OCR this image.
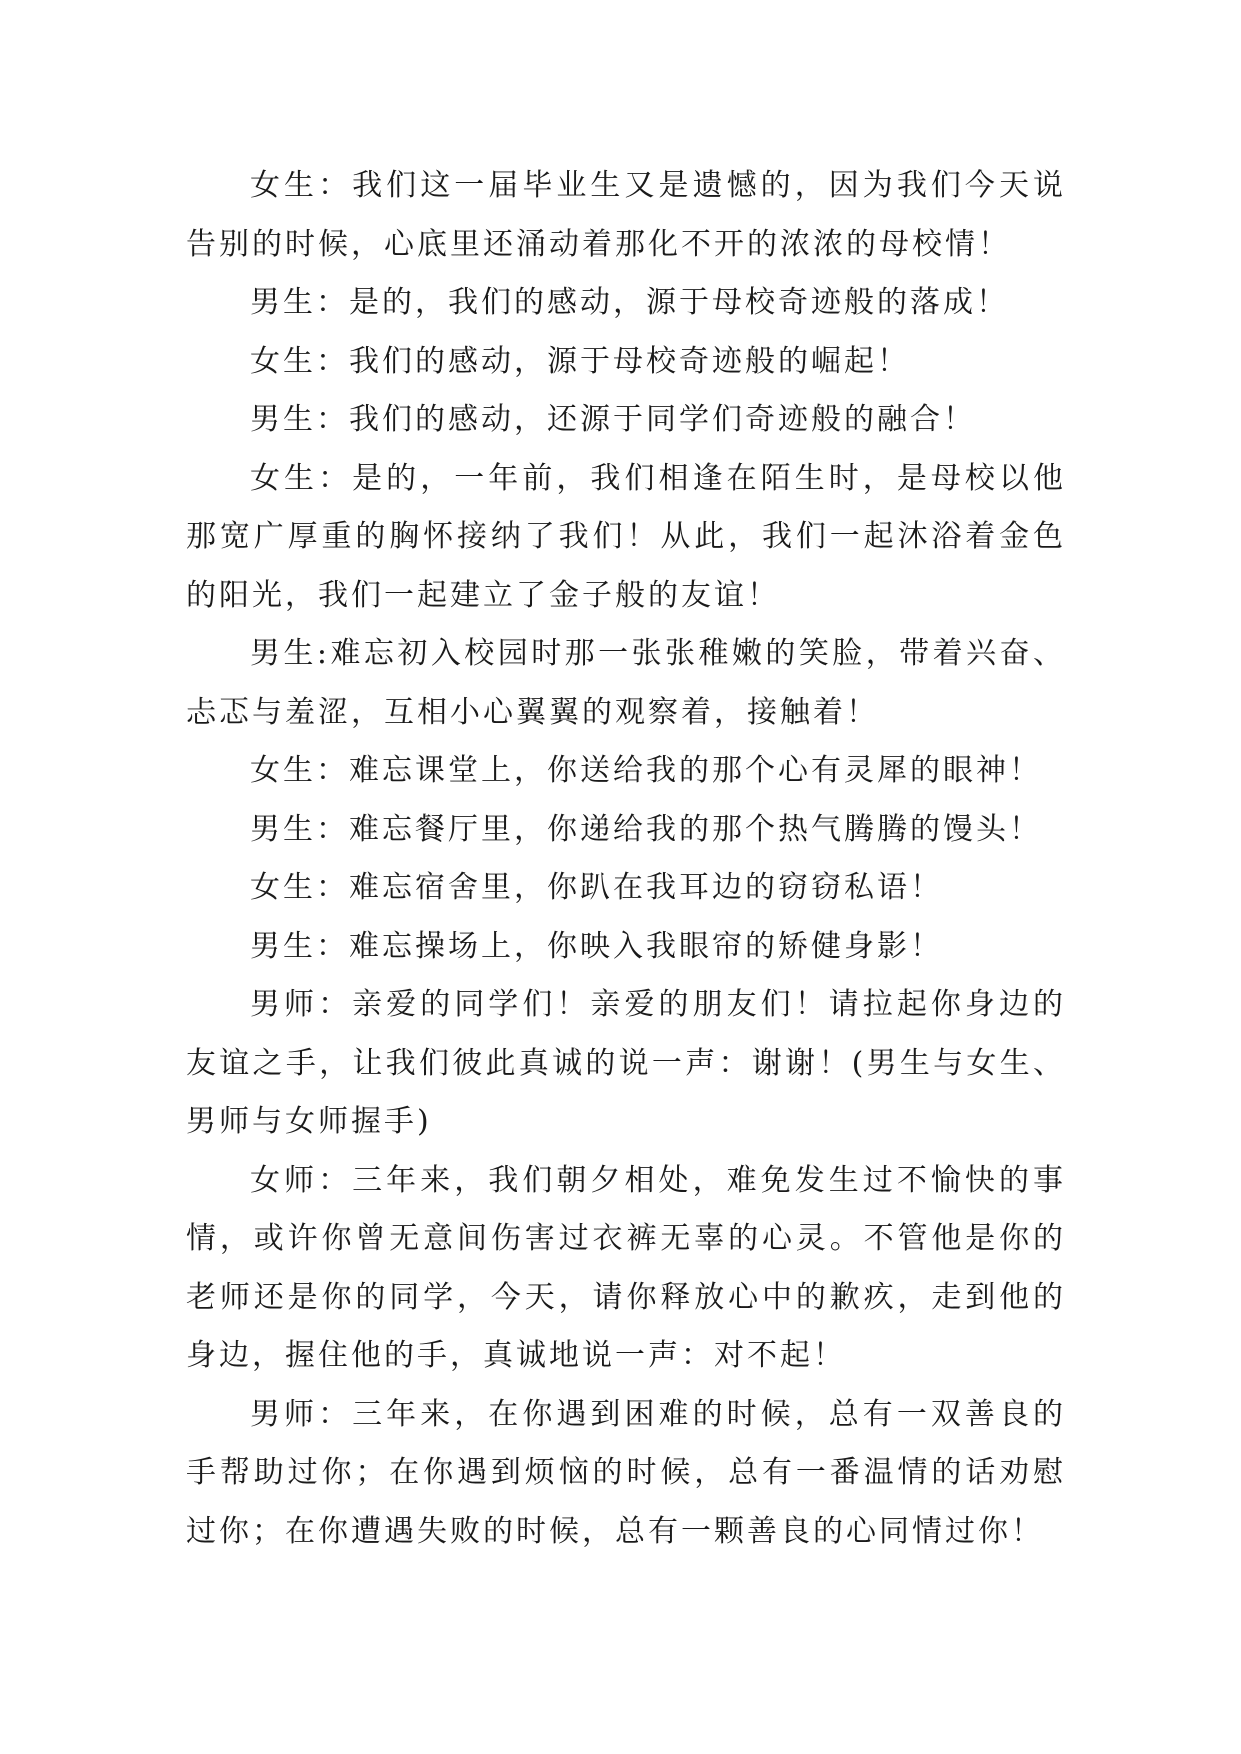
女生：我们这一届毕业生又是遗憾的，因为我们今天说告别的时候，心底里还涌动着那化不开的浓浓的母校情！

男生：是的，我们的感动，源于母校奇迹般的落成！

女生：我们的感动，源于母校奇迹般的崛起！

男生：我们的感动，还源于同学们奇迹般的融合！

女生：是的，一年前，我们相逢在陌生时，是母校以他那宽广厚重的胸怀接纳了我们！从此，我们一起沐浴着金色的阳光，我们一起建立了金子般的友谊！

男生:难忘初入校园时那一张张稚嫩的笑脸，带着兴奋、忐忑与羞涩，互相小心翼翼的观察着，接触着！

女生：难忘课堂上，你送给我的那个心有灵犀的眼神！

男生：难忘餐厅里，你递给我的那个热气腾腾的馒头！

女生：难忘宿舍里，你趴在我耳边的窃窃私语！

男生：难忘操场上，你映入我眼帘的矫健身影！

男师：亲爱的同学们！亲爱的朋友们！请拉起你身边的友谊之手，让我们彼此真诚的说一声：谢谢！(男生与女生、男师与女师握手)

女师：三年来，我们朝夕相处，难免发生过不愉快的事情，或许你曾无意间伤害过衣裤无辜的心灵。不管他是你的老师还是你的同学，今天，请你释放心中的歉疚，走到他的身边，握住他的手，真诚地说一声：对不起！

男师：三年来，在你遇到困难的时候，总有一双善良的手帮助过你；在你遇到烦恼的时候，总有一番温情的话劝慰过你；在你遭遇失败的时候，总有一颗善良的心同情过你！
